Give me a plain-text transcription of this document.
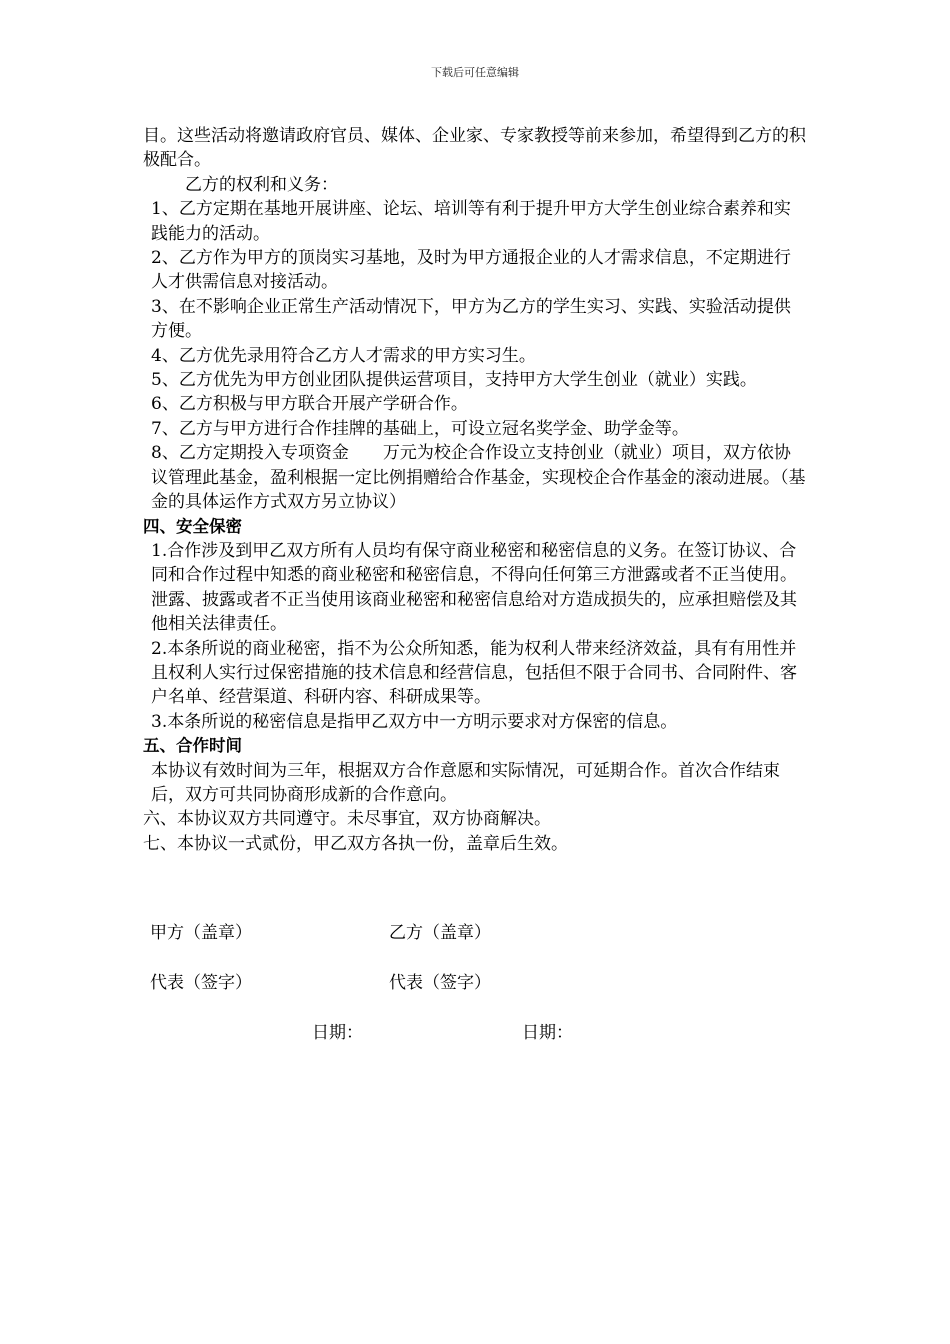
下载后可任意编辑

目。这些活动将邀请政府官员、媒体、企业家、专家教授等前来参加，希望得到乙方的积极配合。

乙方的权利和义务：

1、乙方定期在基地开展讲座、论坛、培训等有利于提升甲方大学生创业综合素养和实践能力的活动。

2、乙方作为甲方的顶岗实习基地，及时为甲方通报企业的人才需求信息，不定期进行人才供需信息对接活动。

3、在不影响企业正常生产活动情况下，甲方为乙方的学生实习、实践、实验活动提供方便。

4、乙方优先录用符合乙方人才需求的甲方实习生。

5、乙方优先为甲方创业团队提供运营项目，支持甲方大学生创业（就业）实践。

6、乙方积极与甲方联合开展产学研合作。

7、乙方与甲方进行合作挂牌的基础上，可设立冠名奖学金、助学金等。

8、乙方定期投入专项资金　　万元为校企合作设立支持创业（就业）项目，双方依协议管理此基金，盈利根据一定比例捐赠给合作基金，实现校企合作基金的滚动进展。（基金的具体运作方式双方另立协议）

四、安全保密

1.合作涉及到甲乙双方所有人员均有保守商业秘密和秘密信息的义务。在签订协议、合同和合作过程中知悉的商业秘密和秘密信息，不得向任何第三方泄露或者不正当使用。泄露、披露或者不正当使用该商业秘密和秘密信息给对方造成损失的，应承担赔偿及其他相关法律责任。

2.本条所说的商业秘密，指不为公众所知悉，能为权利人带来经济效益，具有有用性并且权利人实行过保密措施的技术信息和经营信息，包括但不限于合同书、合同附件、客户名单、经营渠道、科研内容、科研成果等。

3.本条所说的秘密信息是指甲乙双方中一方明示要求对方保密的信息。

五、合作时间

本协议有效时间为三年，根据双方合作意愿和实际情况，可延期合作。首次合作结束后，双方可共同协商形成新的合作意向。

六、本协议双方共同遵守。未尽事宜，双方协商解决。

七、本协议一式贰份，甲乙双方各执一份，盖章后生效。

甲方（盖章）	乙方（盖章）
代表（签字）	代表（签字）
日期：	日期：
